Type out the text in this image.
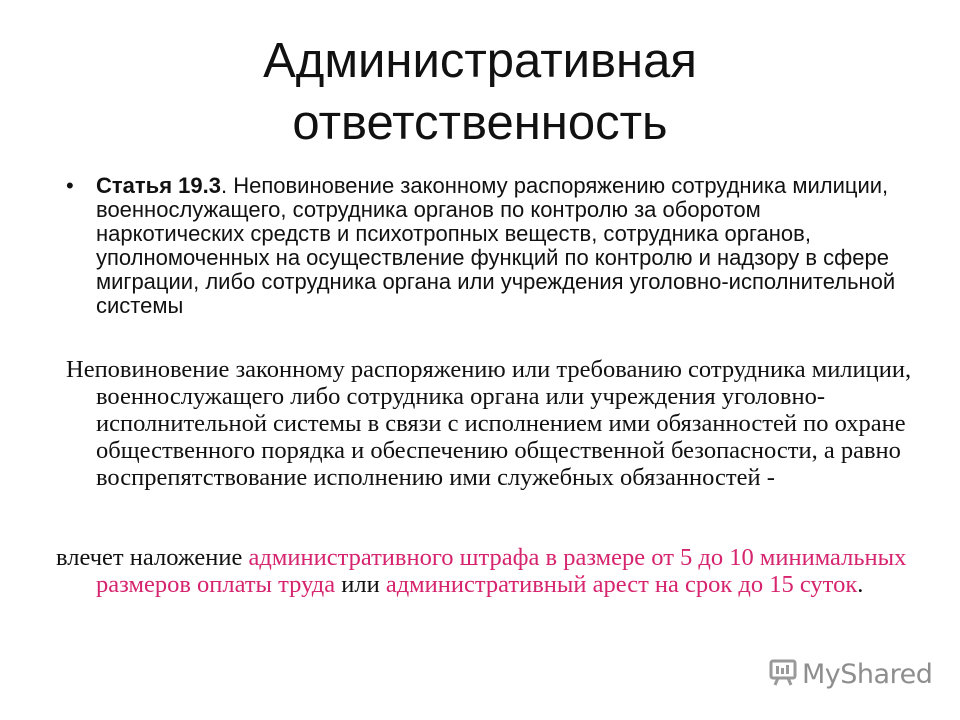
Административная
ответственность
• Статья 19.3. Неповиновение законному распоряжению сотрудника милиции, военнослужащего, сотрудника органов по контролю за оборотом наркотических средств и психотропных веществ, сотрудника органов, уполномоченных на осуществление функций по контролю и надзору в сфере миграции, либо сотрудника органа или учреждения уголовно-исполнительной системы
Неповиновение законному распоряжению или требованию сотрудника милиции, военнослужащего либо сотрудника органа или учреждения уголовно-исполнительной системы в связи с исполнением ими обязанностей по охране общественного порядка и обеспечению общественной безопасности, а равно воспрепятствование исполнению ими служебных обязанностей -
влечет наложение административного штрафа в размере от 5 до 10 минимальных размеров оплаты труда или административный арест на срок до 15 суток.
MyShared
